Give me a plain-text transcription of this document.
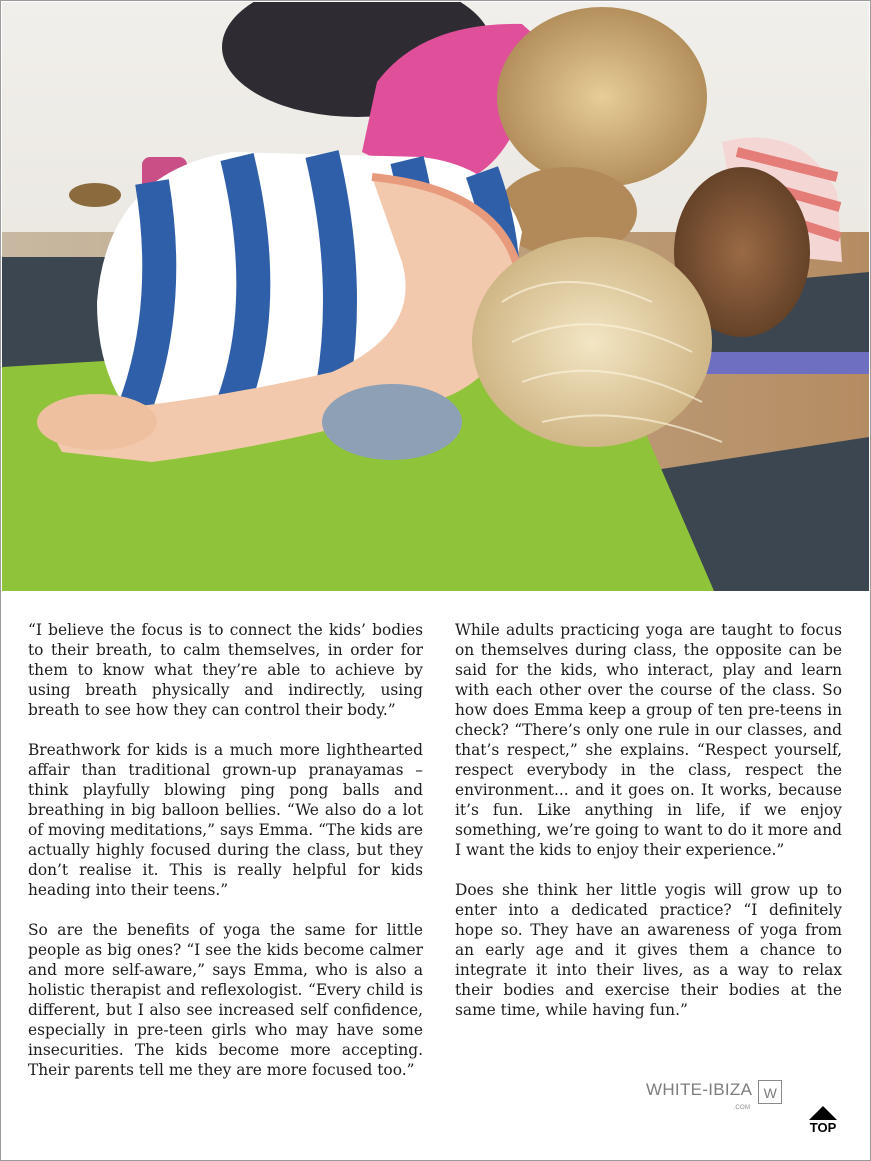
“I believe the focus is to connect the kids’ bodies to their breath, to calm themselves, in order for them to know what they’re able to achieve by using breath physically and indirectly, using breath to see how they can control their body.”

Breathwork for kids is a much more lighthearted affair than traditional grown-up pranayamas – think playfully blowing ping pong balls and breathing in big balloon bellies. “We also do a lot of moving meditations,” says Emma. “The kids are actually highly focused during the class, but they don’t realise it. This is really helpful for kids heading into their teens.”

So are the benefits of yoga the same for little people as big ones? “I see the kids become calmer and more self-aware,” says Emma, who is also a holistic therapist and reflexologist. “Every child is different, but I also see increased self confidence, especially in pre-teen girls who may have some insecurities. The kids become more accepting. Their parents tell me they are more focused too.”

While adults practicing yoga are taught to focus on themselves during class, the opposite can be said for the kids, who interact, play and learn with each other over the course of the class. So how does Emma keep a group of ten pre-teens in check? “There’s only one rule in our classes, and that’s respect,” she explains. “Respect yourself, respect everybody in the class, respect the environment... and it goes on. It works, because it’s fun. Like anything in life, if we enjoy something, we’re going to want to do it more and I want the kids to enjoy their experience.”

Does she think her little yogis will grow up to enter into a dedicated practice? “I definitely hope so. They have an awareness of yoga from an early age and it gives them a chance to integrate it into their lives, as a way to relax their bodies and exercise their bodies at the same time, while having fun.”

WHITE-IBIZA
.COM
W
TOP
